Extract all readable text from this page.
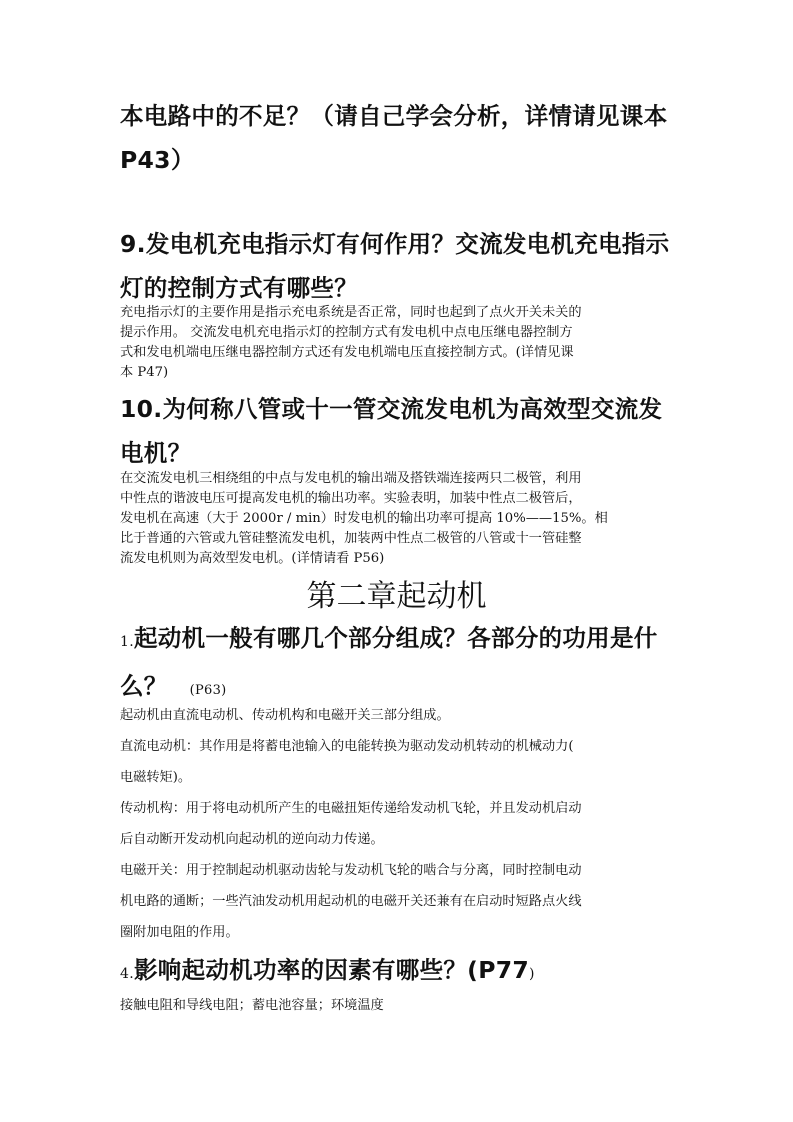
本电路中的不足？（请自己学会分析，详情请见课本
P43）
9.发电机充电指示灯有何作用？交流发电机充电指示
灯的控制方式有哪些？
充电指示灯的主要作用是指示充电系统是否正常，同时也起到了点火开关未关的
提示作用。 交流发电机充电指示灯的控制方式有发电机中点电压继电器控制方
式和发电机端电压继电器控制方式还有发电机端电压直接控制方式。(详情见课
本 P47)
10.为何称八管或十一管交流发电机为高效型交流发
电机？
在交流发电机三相绕组的中点与发电机的输出端及搭铁端连接两只二极管，利用
中性点的谐波电压可提高发电机的输出功率。实验表明，加装中性点二极管后，
发电机在高速（大于 2000r / min）时发电机的输出功率可提高 10%——15%。相
比于普通的六管或九管硅整流发电机，加装两中性点二极管的八管或十一管硅整
流发电机则为高效型发电机。(详情请看 P56)
第二章起动机
1.起动机一般有哪几个部分组成？各部分的功用是什
么？ (P63)
起动机由直流电动机、传动机构和电磁开关三部分组成。
直流电动机：其作用是将蓄电池输入的电能转换为驱动发动机转动的机械动力(
电磁转矩)。
传动机构：用于将电动机所产生的电磁扭矩传递给发动机飞轮，并且发动机启动
后自动断开发动机向起动机的逆向动力传递。
电磁开关：用于控制起动机驱动齿轮与发动机飞轮的啮合与分离，同时控制电动
机电路的通断；一些汽油发动机用起动机的电磁开关还兼有在启动时短路点火线
圈附加电阻的作用。
4.影响起动机功率的因素有哪些？(P77)
接触电阻和导线电阻；蓄电池容量；环境温度
